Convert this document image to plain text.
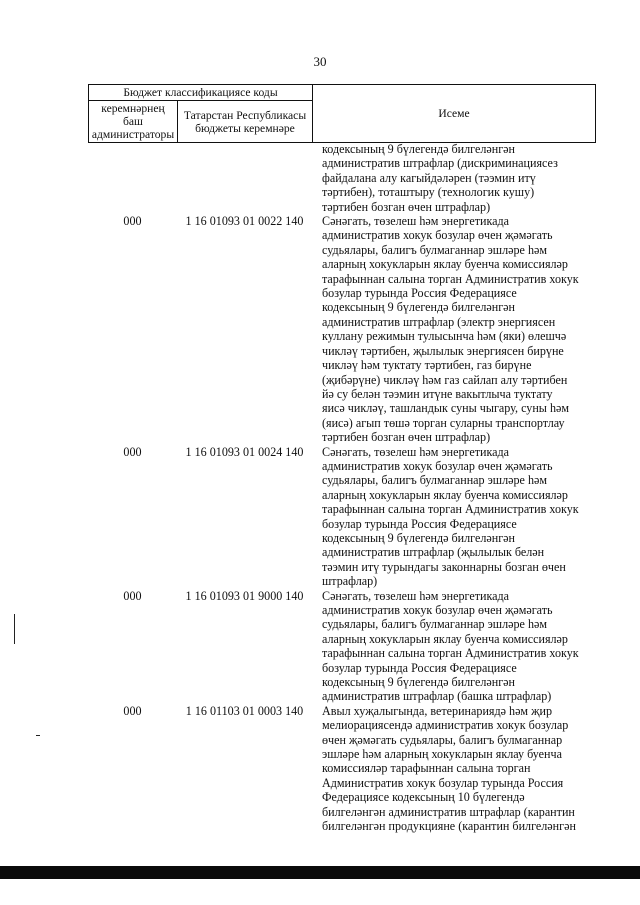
30
Бюджет классификациясе коды		Исеме
керемнәрнең баш администраторы	Татарстан Республикасы бюджеты керемнәре	
кодексының 9 бүлегендә билгеләнгән
административ штрафлар (дискриминациясез
файдалана алу кагыйдәләрен (тәэмин итү
тәртибен), тоташтыру (технологик кушу)
тәртибен бозган өчен штрафлар)
000	1 16 01093 01 0022 140	Сәнәгать, төзелеш һәм энергетикада
административ хокук бозулар өчен җәмәгать
судьялары, балигъ булмаганнар эшләре һәм
аларның хокукларын яклау буенча комиссияләр
тарафыннан салына торган Административ хокук
бозулар турында Россия Федерациясе
кодексының 9 бүлегендә билгеләнгән
административ штрафлар (электр энергиясен
куллану режимын тулысынча һәм (яки) өлешчә
чикләү тәртибен, җылылык энергиясен бирүне
чикләү һәм туктату тәртибен, газ бирүне
(җибәрүне) чикләү һәм газ сайлап алу тәртибен
йә су белән тәэмин итүне вакытлыча туктату
яисә чикләү, ташландык суны чыгару, суны һәм
(яисә) агып төшә торган суларны транспортлау
тәртибен бозган өчен штрафлар)
000	1 16 01093 01 0024 140	Сәнәгать, төзелеш һәм энергетикада
административ хокук бозулар өчен җәмәгать
судьялары, балигъ булмаганнар эшләре һәм
аларның хокукларын яклау буенча комиссияләр
тарафыннан салына торган Административ хокук
бозулар турында Россия Федерациясе
кодексының 9 бүлегендә билгеләнгән
административ штрафлар (җылылык белән
тәэмин итү турындагы законнарны бозган өчен
штрафлар)
000	1 16 01093 01 9000 140	Сәнәгать, төзелеш һәм энергетикада
административ хокук бозулар өчен җәмәгать
судьялары, балигъ булмаганнар эшләре һәм
аларның хокукларын яклау буенча комиссияләр
тарафыннан салына торган Административ хокук
бозулар турында Россия Федерациясе
кодексының 9 бүлегендә билгеләнгән
административ штрафлар (башка штрафлар)
000	1 16 01103 01 0003 140	Авыл хуҗалыгында, ветеринариядә һәм җир
мелиорациясендә административ хокук бозулар
өчен җәмәгать судьялары, балигъ булмаганнар
эшләре һәм аларның хокукларын яклау буенча
комиссияләр тарафыннан салына торган
Административ хокук бозулар турында Россия
Федерациясе кодексының 10 бүлегендә
билгеләнгән административ штрафлар (карантин
билгеләнгән продукцияне (карантин билгеләнгән
